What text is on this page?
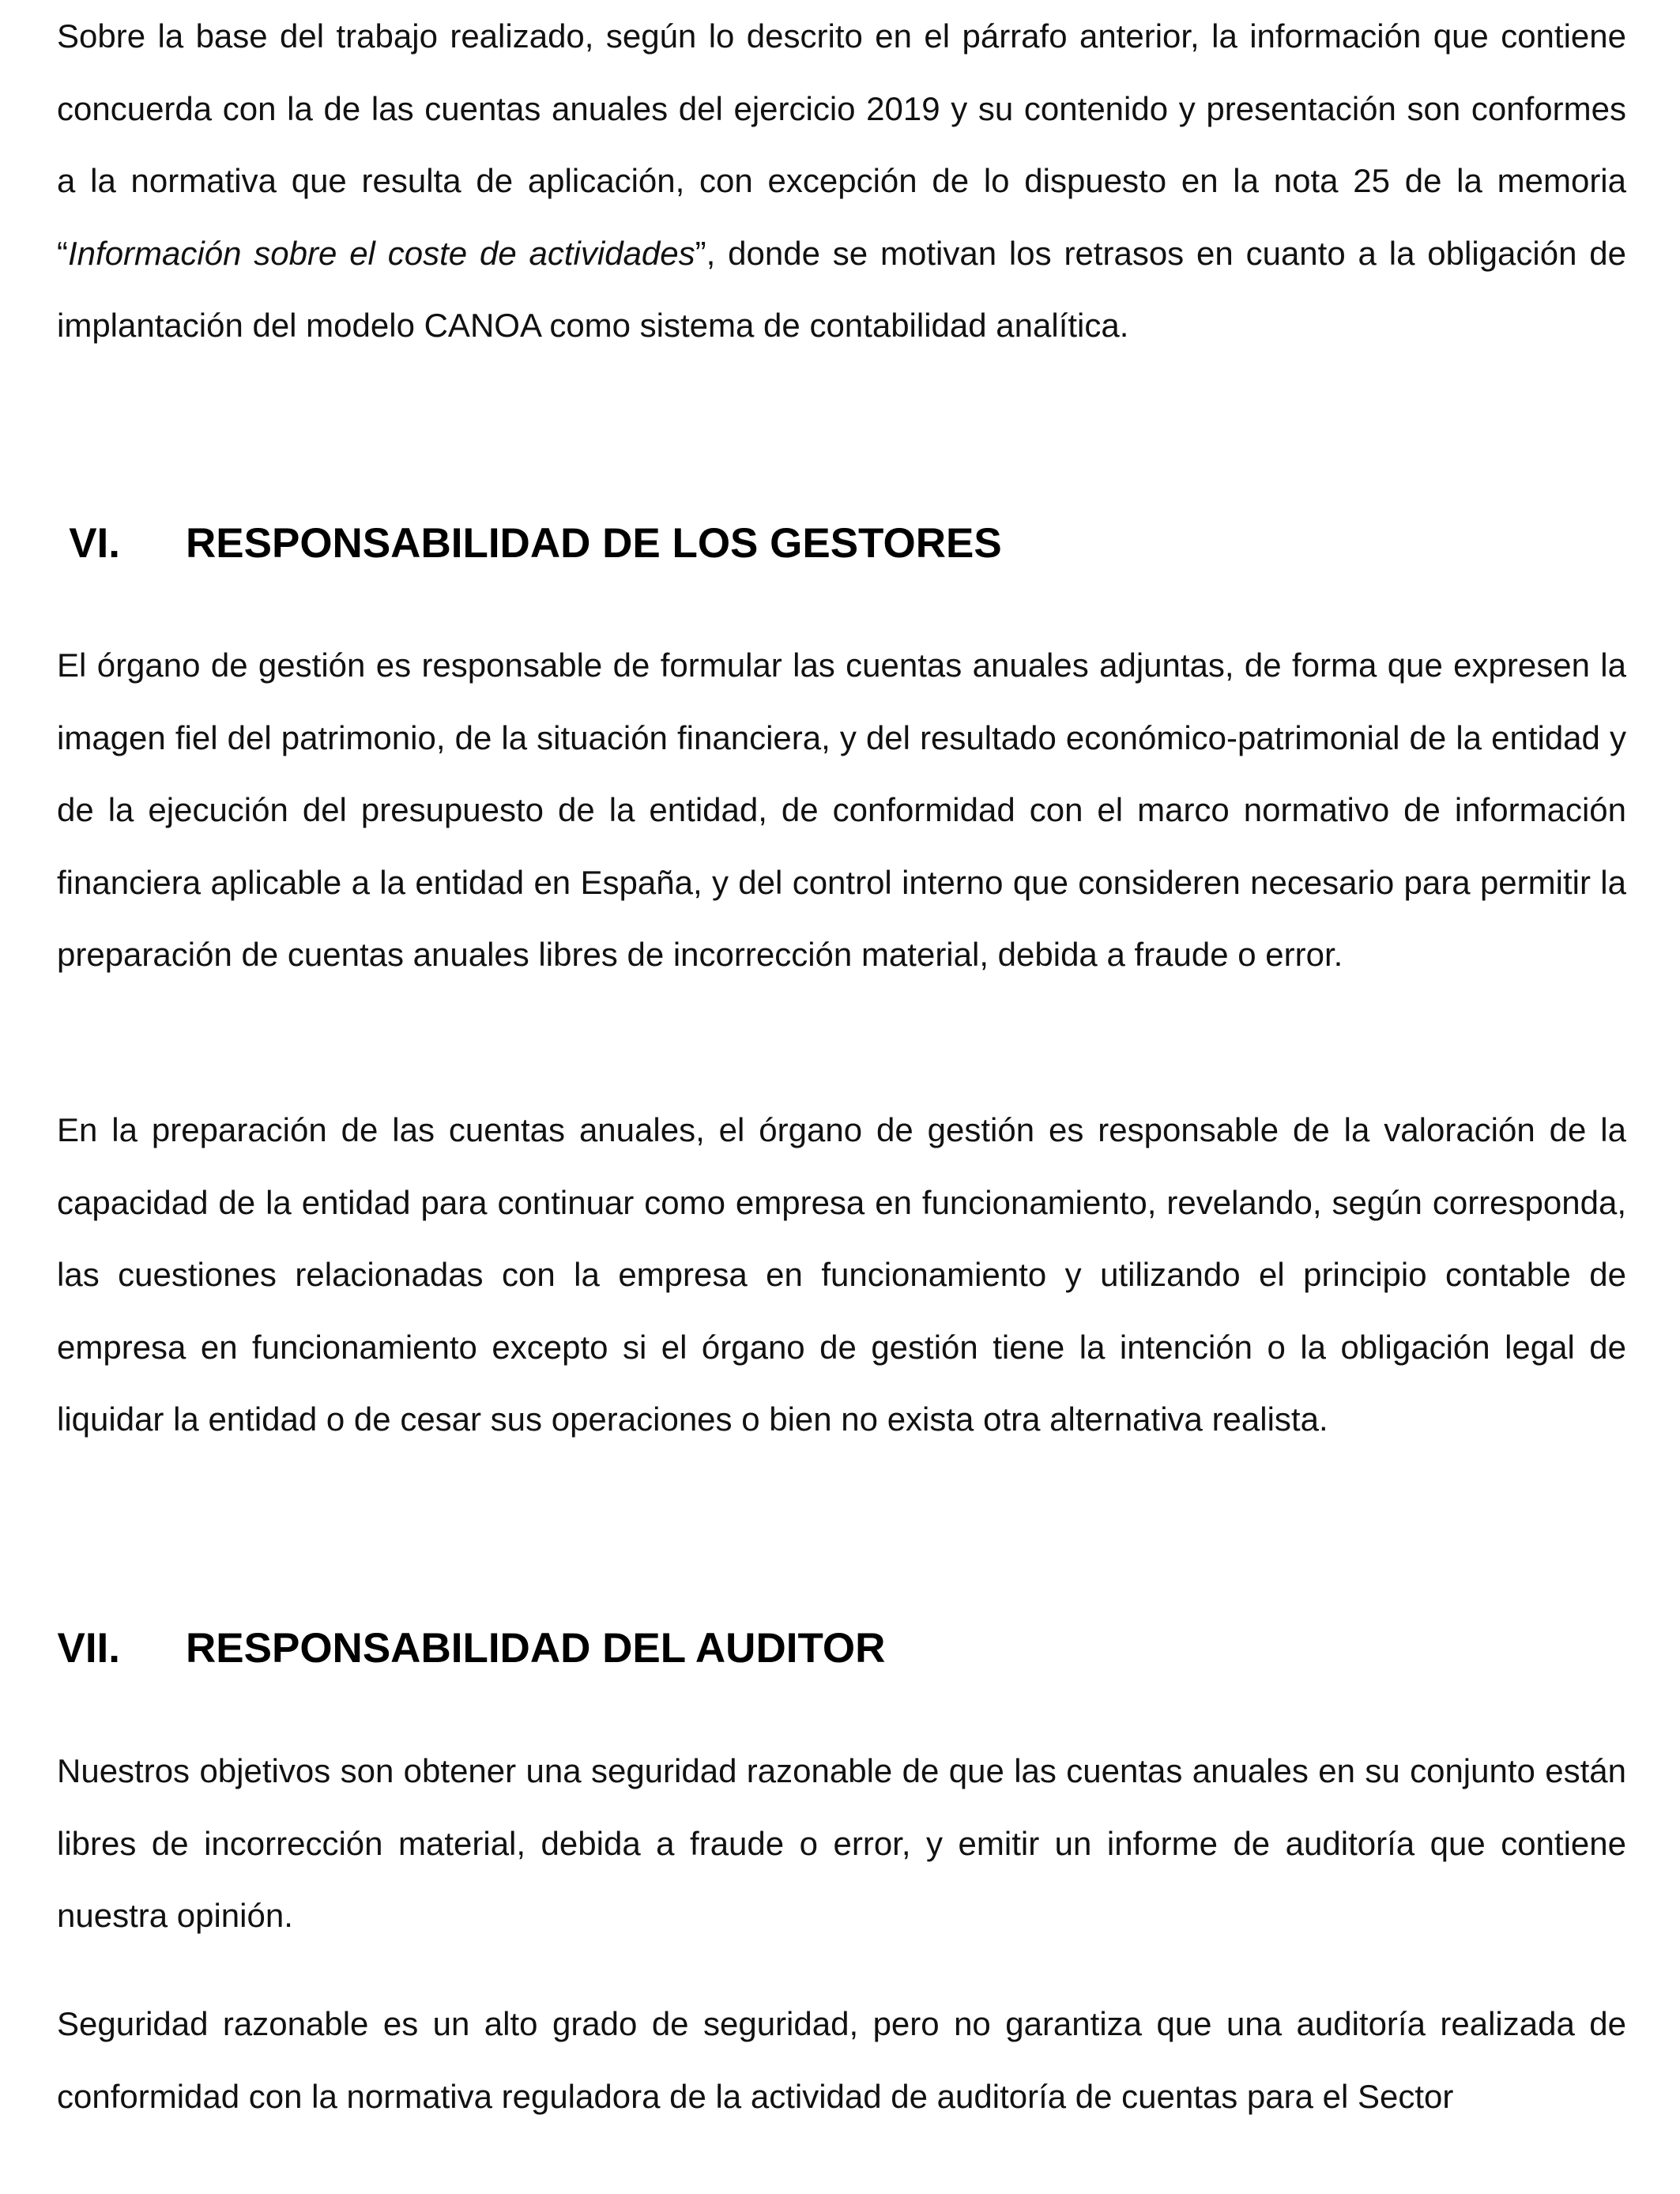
Sobre la base del trabajo realizado, según lo descrito en el párrafo anterior, la información que contiene concuerda con la de las cuentas anuales del ejercicio 2019 y su contenido y presentación son conformes a la normativa que resulta de aplicación, con excepción de lo dispuesto en la nota 25 de la memoria “Información sobre el coste de actividades”, donde se motivan los retrasos en cuanto a la obligación de implantación del modelo CANOA como sistema de contabilidad analítica.

VI.	RESPONSABILIDAD DE LOS GESTORES

El órgano de gestión es responsable de formular las cuentas anuales adjuntas, de forma que expresen la imagen fiel del patrimonio, de la situación financiera, y del resultado económico-patrimonial de la entidad y de la ejecución del presupuesto de la entidad, de conformidad con el marco normativo de información financiera aplicable a la entidad en España, y del control interno que consideren necesario para permitir la preparación de cuentas anuales libres de incorrección material, debida a fraude o error.

En la preparación de las cuentas anuales, el órgano de gestión es responsable de la valoración de la capacidad de la entidad para continuar como empresa en funcionamiento, revelando, según corresponda, las cuestiones relacionadas con la empresa en funcionamiento y utilizando el principio contable de empresa en funcionamiento excepto si el órgano de gestión tiene la intención o la obligación legal de liquidar la entidad o de cesar sus operaciones o bien no exista otra alternativa realista.

VII.	RESPONSABILIDAD DEL AUDITOR

Nuestros objetivos son obtener una seguridad razonable de que las cuentas anuales en su conjunto están libres de incorrección material, debida a fraude o error, y emitir un informe de auditoría que contiene nuestra opinión.

Seguridad razonable es un alto grado de seguridad, pero no garantiza que una auditoría realizada de conformidad con la normativa reguladora de la actividad de auditoría de cuentas para el Sector
